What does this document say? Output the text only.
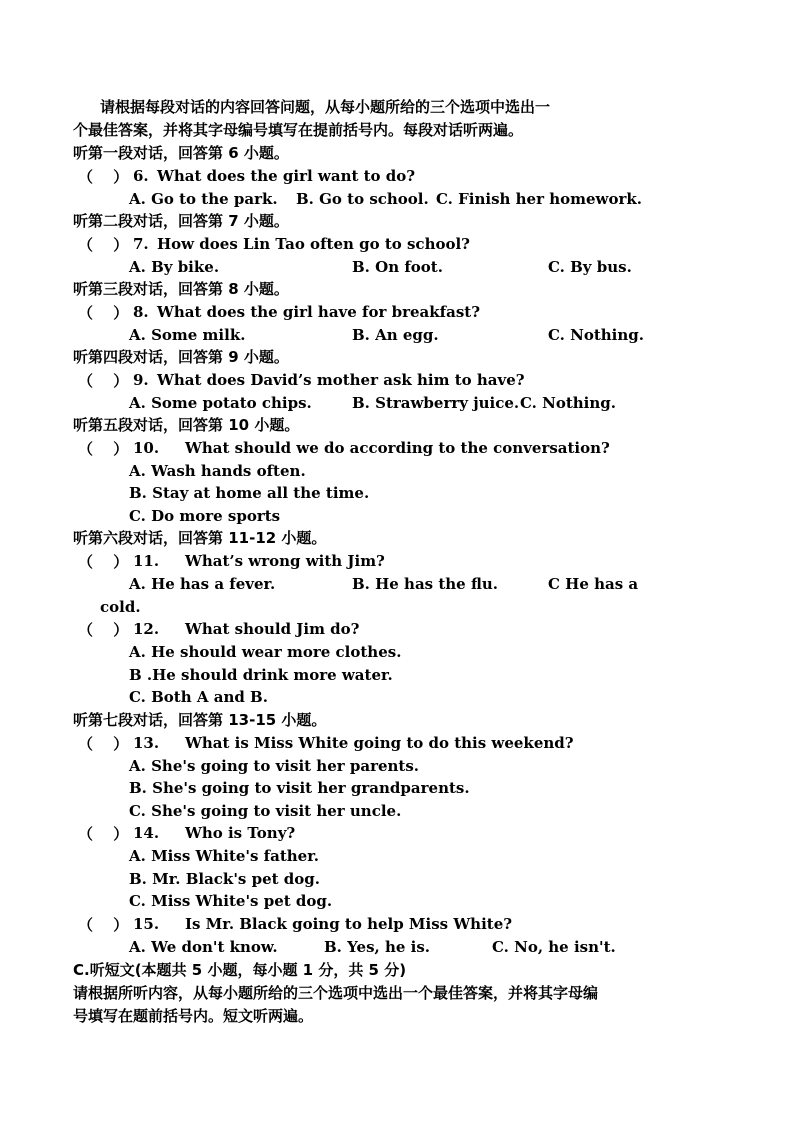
请根据每段对话的内容回答问题，从每小题所给的三个选项中选出一
个最佳答案，并将其字母编号填写在提前括号内。每段对话听两遍。
听第一段对话，回答第 6 小题。
（　 ） 6. What does the girl want to do?
A. Go to the park. B. Go to school. C. Finish her homework.
听第二段对话，回答第 7 小题。
（　 ） 7. How does Lin Tao often go to school?
A. By bike.	B. On foot.	C. By bus.
听第三段对话，回答第 8 小题。
（　 ） 8. What does the girl have for breakfast?
A. Some milk.	B. An egg.	C. Nothing.
听第四段对话，回答第 9 小题。
（　 ） 9. What does David’s mother ask him to have?
A. Some potato chips.	B. Strawberry juice. C. Nothing.
听第五段对话，回答第 10 小题。
（　 ） 10. What should we do according to the conversation?
A. Wash hands often.
B. Stay at home all the time.
C. Do more sports
听第六段对话，回答第 11-12 小题。
（　 ） 11. What’s wrong with Jim?
A. He has a fever.	B. He has the flu.	C He has a
cold.
（　 ） 12. What should Jim do?
A. He should wear more clothes.
B .He should drink more water.
C. Both A and B.
听第七段对话，回答第 13-15 小题。
（　 ） 13. What is Miss White going to do this weekend?
A. She's going to visit her parents.
B. She's going to visit her grandparents.
C. She's going to visit her uncle.
（　 ） 14. Who is Tony?
A. Miss White's father.
B. Mr. Black's pet dog.
C. Miss White's pet dog.
（　 ） 15. Is Mr. Black going to help Miss White?
A. We don't know.	B. Yes, he is.	C. No, he isn't.
C.听短文(本题共 5 小题，每小题 1 分，共 5 分)
请根据所听内容，从每小题所给的三个选项中选出一个最佳答案，并将其字母编
号填写在题前括号内。短文听两遍。
